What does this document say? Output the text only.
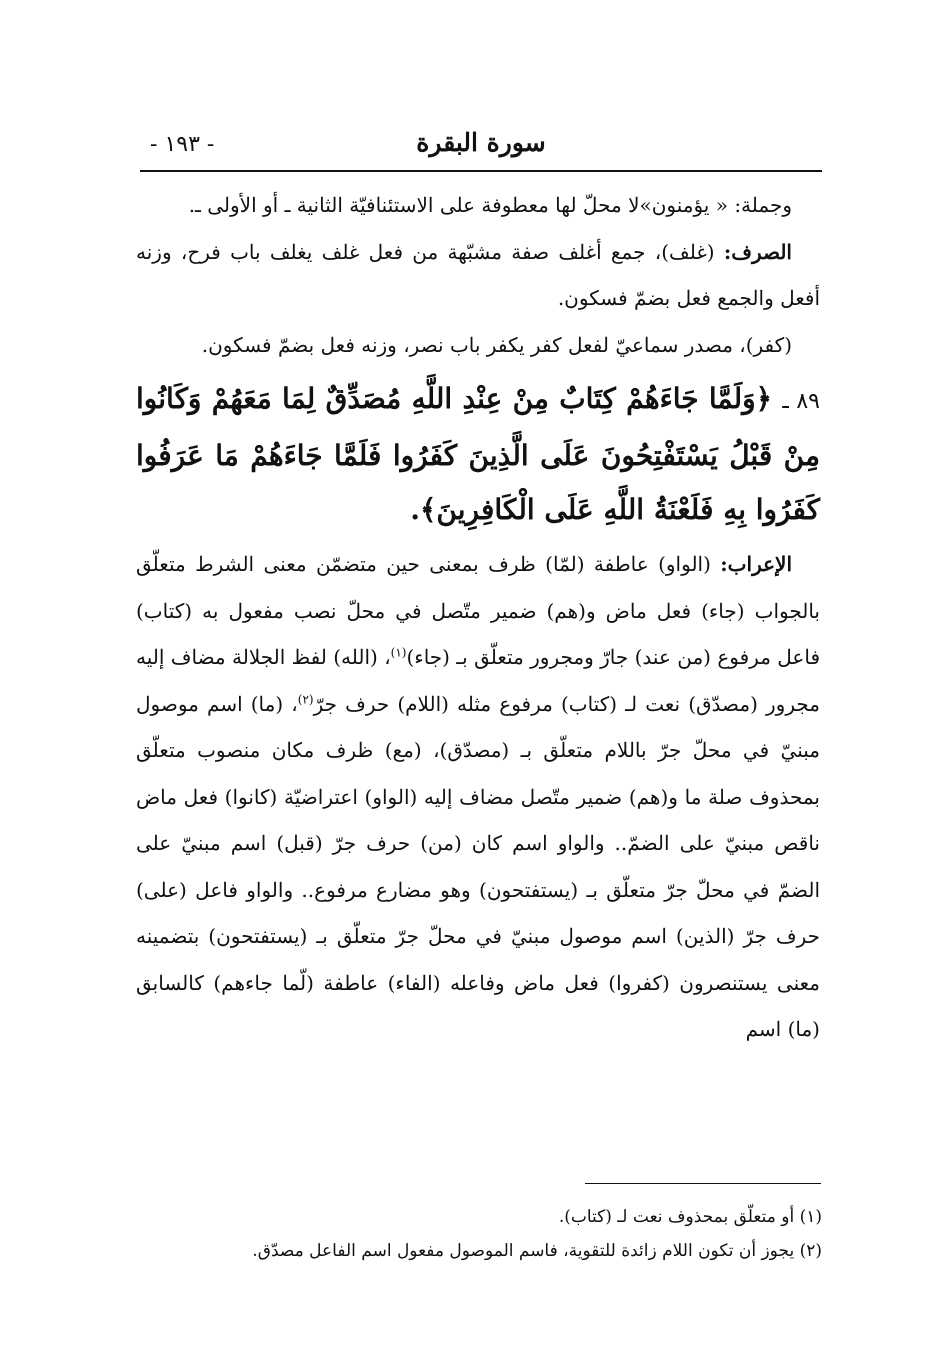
سورة البقرة
- ١٩٣ -

وجملة: « يؤمنون»لا محلّ لها معطوفة على الاستئنافيّة الثانية ـ أو الأولى ـ.

الصرف: (غلف)، جمع أغلف صفة مشبّهة من فعل غلف يغلف باب فرح، وزنه أفعل والجمع فعل بضمّ فسكون.

(كفر)، مصدر سماعيّ لفعل كفر يكفر باب نصر، وزنه فعل بضمّ فسكون.

٨٩ ـ ﴿وَلَمَّا جَاءَهُمْ كِتَابٌ مِنْ عِنْدِ اللَّهِ مُصَدِّقٌ لِمَا مَعَهُمْ وَكَانُوا مِنْ قَبْلُ يَسْتَفْتِحُونَ عَلَى الَّذِينَ كَفَرُوا فَلَمَّا جَاءَهُمْ مَا عَرَفُوا كَفَرُوا بِهِ فَلَعْنَةُ اللَّهِ عَلَى الْكَافِرِينَ﴾.

الإعراب: (الواو) عاطفة (لمّا) ظرف بمعنى حين متضمّن معنى الشرط متعلّق بالجواب (جاء) فعل ماض و(هم) ضمير متّصل في محلّ نصب مفعول به (كتاب) فاعل مرفوع (من عند) جارّ ومجرور متعلّق بـ (جاء)$^{(١)}$، (الله) لفظ الجلالة مضاف إليه مجرور (مصدّق) نعت لـ (كتاب) مرفوع مثله (اللام) حرف جرّ$^{(٢)}$، (ما) اسم موصول مبنيّ في محلّ جرّ باللام متعلّق بـ (مصدّق)، (مع) ظرف مكان منصوب متعلّق بمحذوف صلة ما و(هم) ضمير متّصل مضاف إليه (الواو) اعتراضيّة (كانوا) فعل ماض ناقص مبنيّ على الضمّ.. والواو اسم كان (من) حرف جرّ (قبل) اسم مبنيّ على الضمّ في محلّ جرّ متعلّق بـ (يستفتحون) وهو مضارع مرفوع.. والواو فاعل (على) حرف جرّ (الذين) اسم موصول مبنيّ في محلّ جرّ متعلّق بـ (يستفتحون) بتضمينه معنى يستنصرون (كفروا) فعل ماض وفاعله (الفاء) عاطفة (لّما جاءهم) كالسابق (ما) اسم

(١) أو متعلّق بمحذوف نعت لـ (كتاب).

(٢) يجوز أن تكون اللام زائدة للتقوية، فاسم الموصول مفعول اسم الفاعل مصدّق.
